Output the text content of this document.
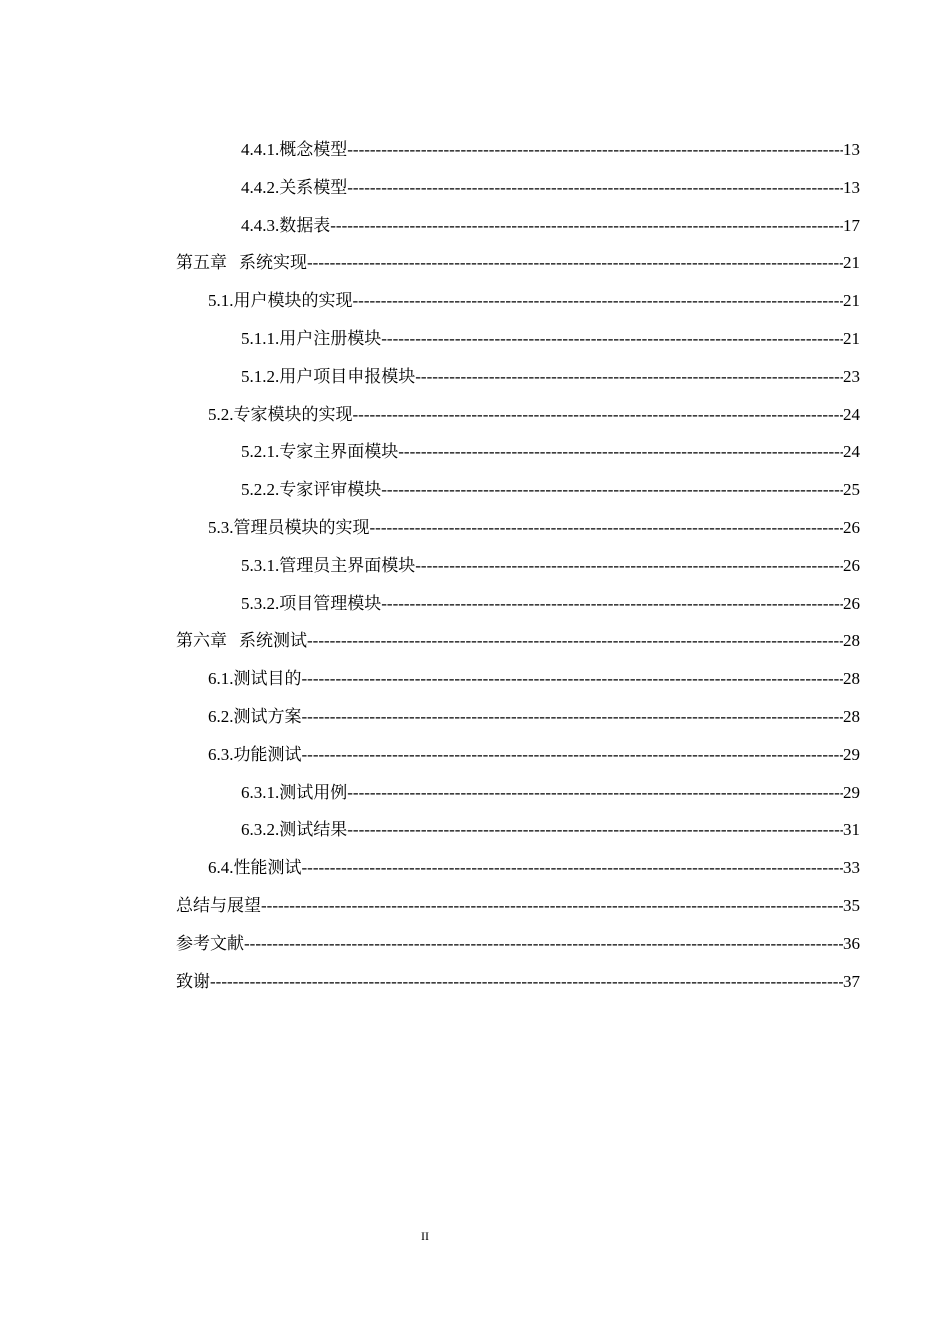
4.4.1. 概念模型 -----	13
4.4.2. 关系模型 -----	13
4.4.3. 数据表 -----	17
第五章 系统实现 -----	21
5.1. 用户模块的实现 -----	21
5.1.1. 用户注册模块 -----	21
5.1.2. 用户项目申报模块 -----	23
5.2. 专家模块的实现 -----	24
5.2.1. 专家主界面模块 -----	24
5.2.2. 专家评审模块 -----	25
5.3. 管理员模块的实现 -----	26
5.3.1. 管理员主界面模块 -----	26
5.3.2. 项目管理模块 -----	26
第六章 系统测试 -----	28
6.1. 测试目的 -----	28
6.2. 测试方案 -----	28
6.3. 功能测试 -----	29
6.3.1. 测试用例 -----	29
6.3.2. 测试结果 -----	31
6.4. 性能测试 -----	33
总结与展望 -----	35
参考文献 -----	36
致谢 -----	37
II
